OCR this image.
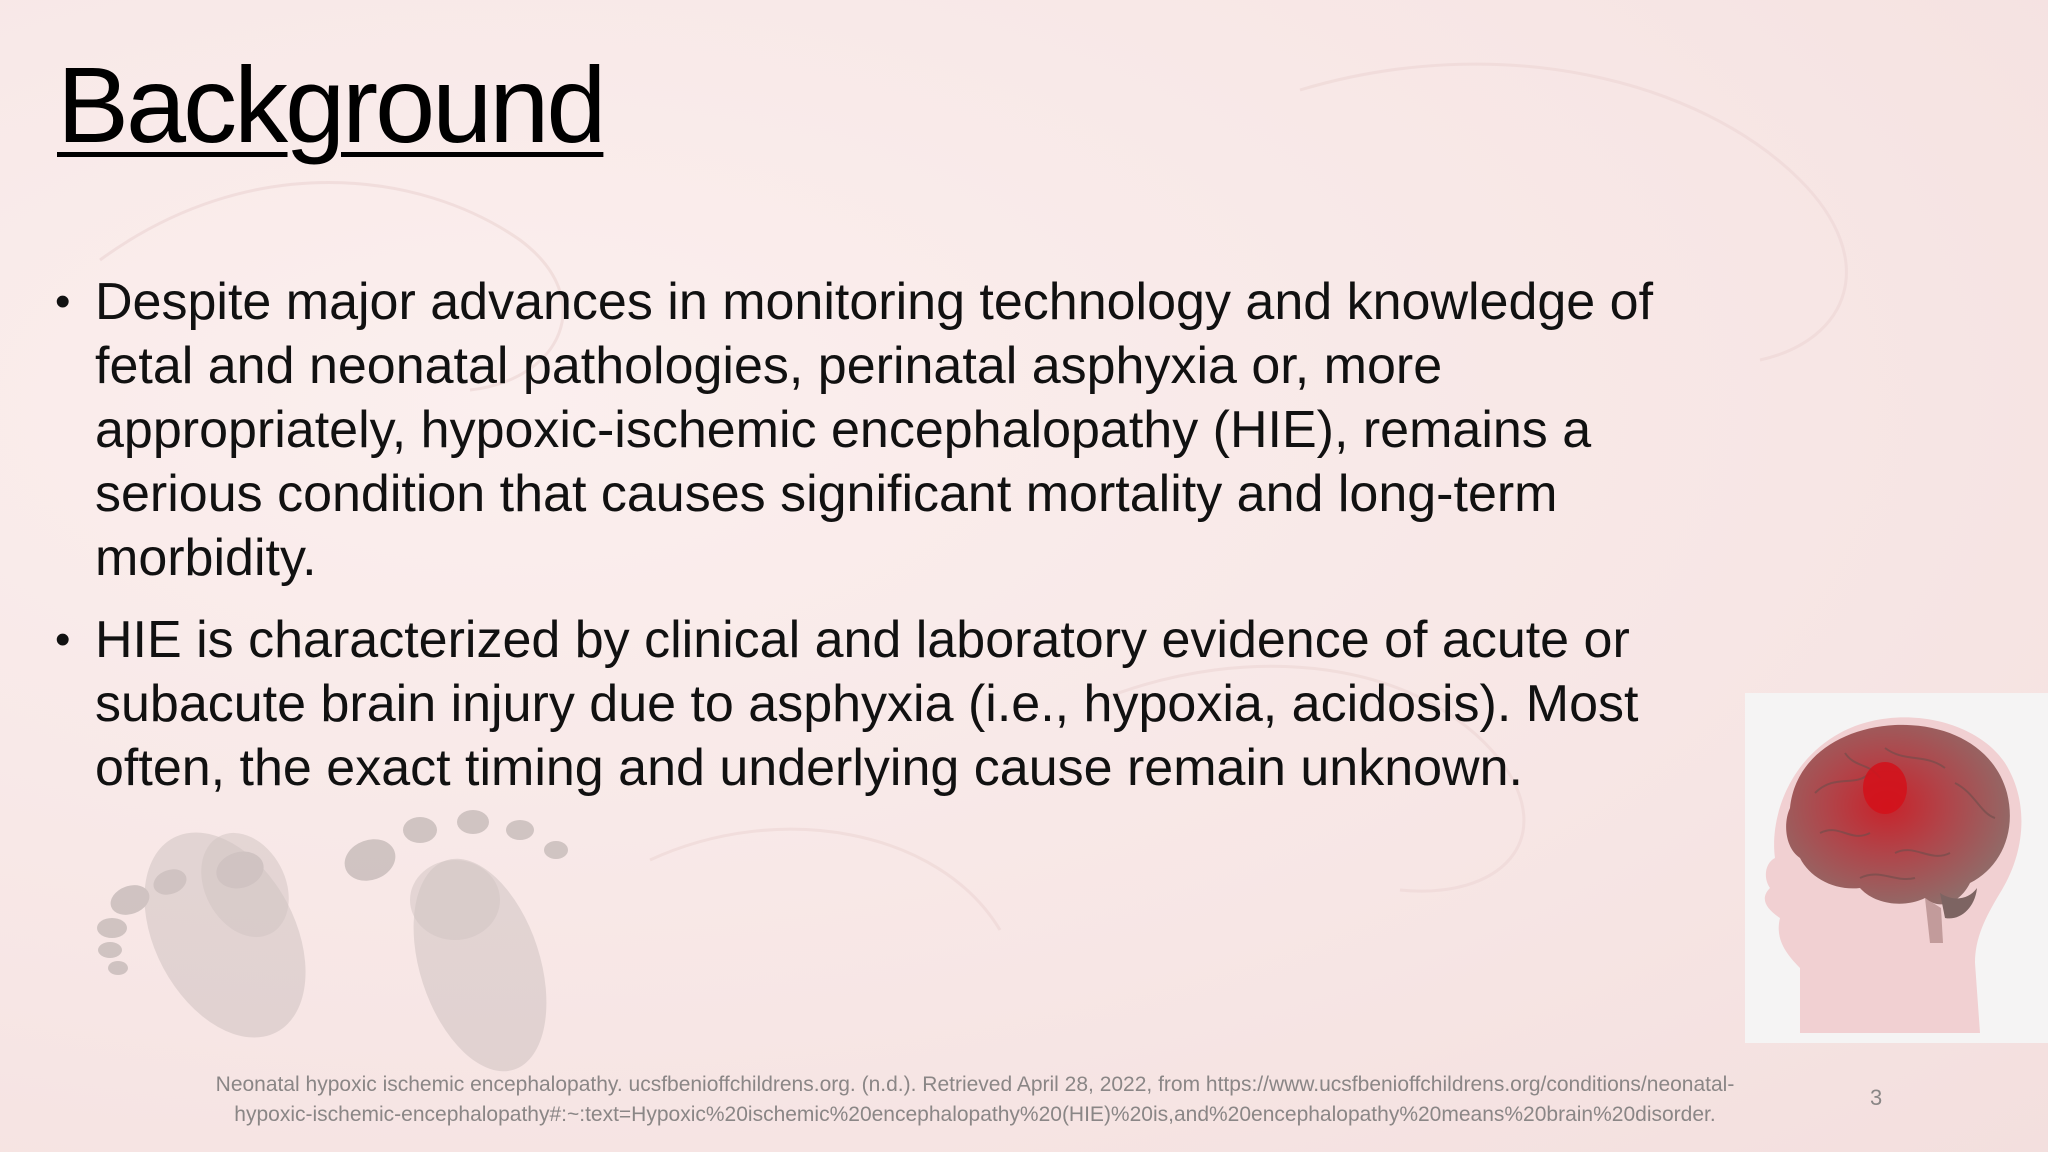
Background
• Despite major advances in monitoring technology and knowledge of
fetal and neonatal pathologies, perinatal asphyxia or, more
appropriately, hypoxic-ischemic encephalopathy (HIE), remains a
serious condition that causes significant mortality and long-term
morbidity.
• HIE is characterized by clinical and laboratory evidence of acute or
subacute brain injury due to asphyxia (i.e., hypoxia, acidosis). Most
often, the exact timing and underlying cause remain unknown.
Neonatal hypoxic ischemic encephalopathy. ucsfbenioffchildrens.org. (n.d.). Retrieved April 28, 2022, from https://www.ucsfbenioffchildrens.org/conditions/neonatal-
hypoxic-ischemic-encephalopathy#:~:text=Hypoxic%20ischemic%20encephalopathy%20(HIE)%20is,and%20encephalopathy%20means%20brain%20disorder.
3
